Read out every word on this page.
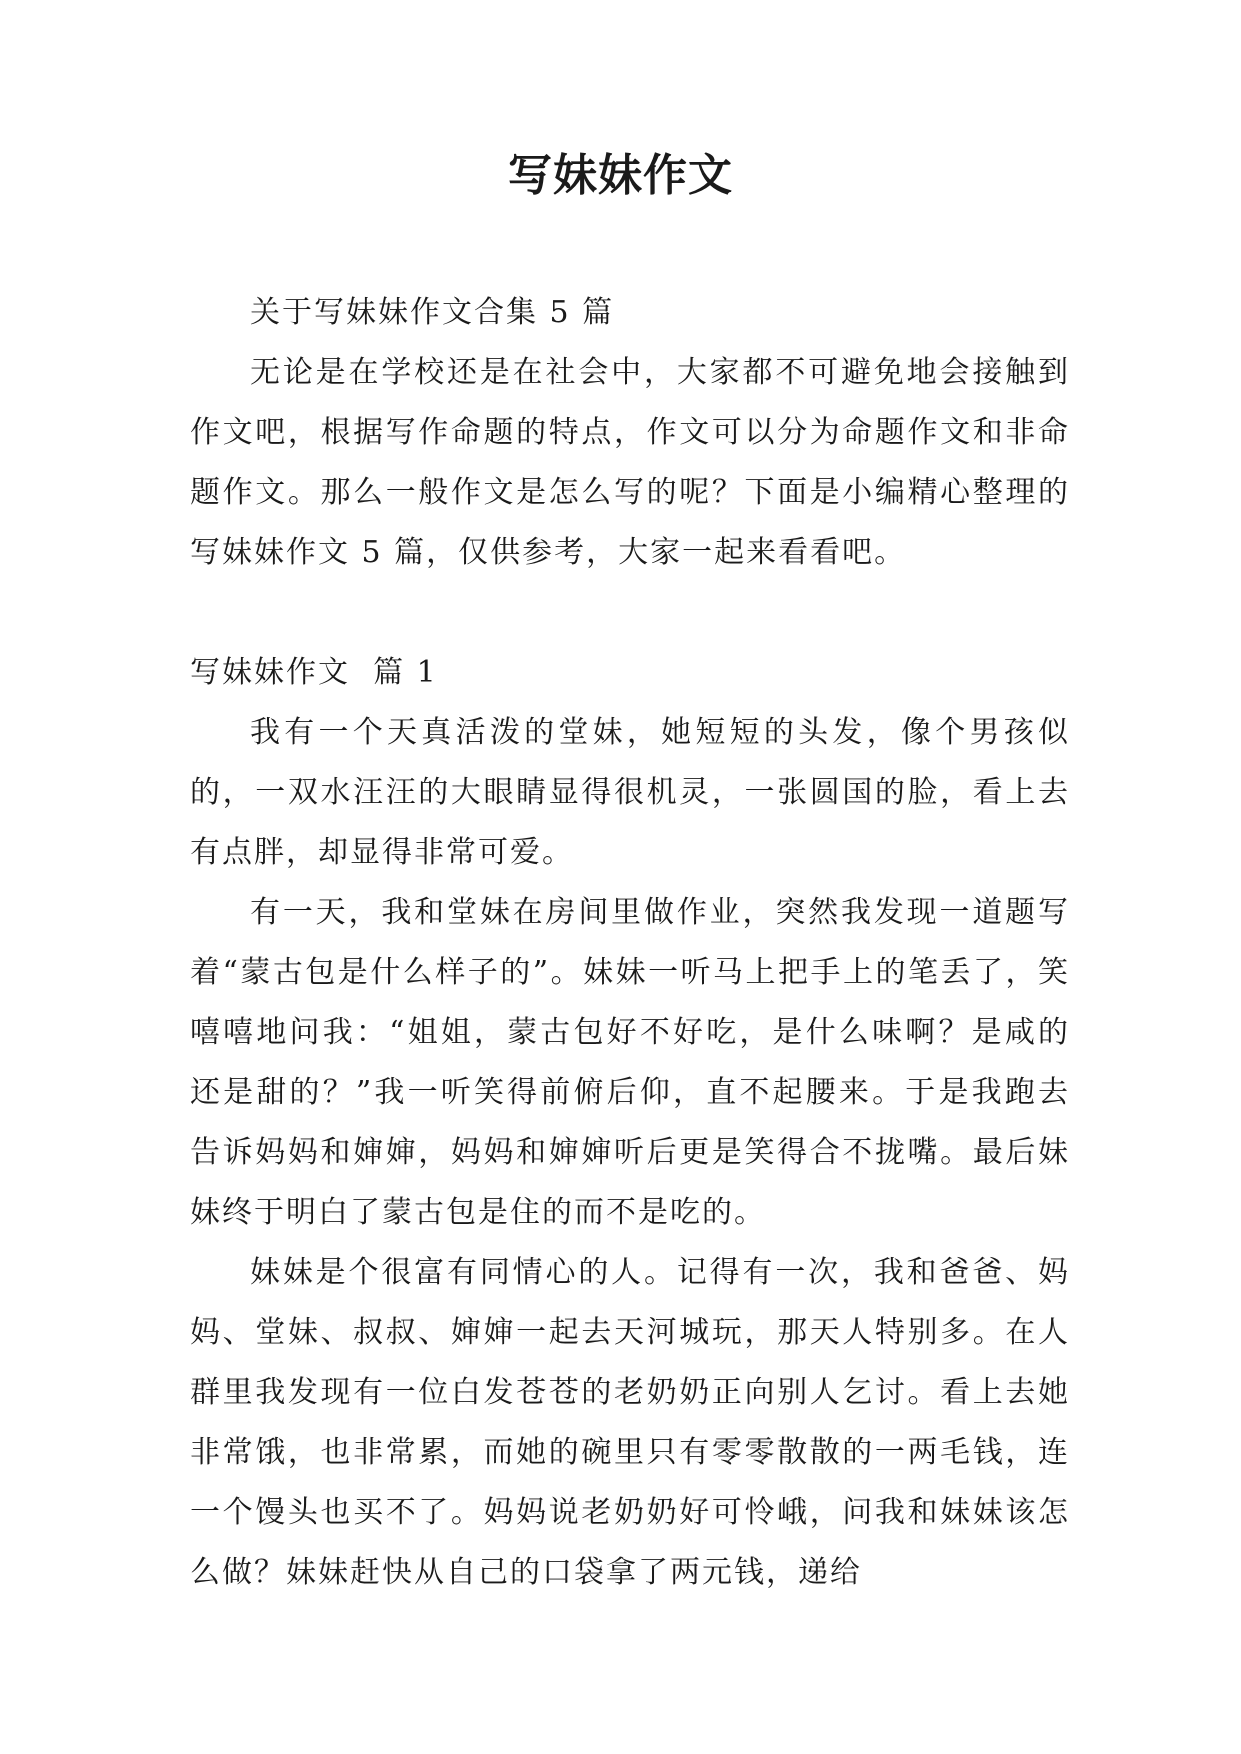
写妹妹作文

关于写妹妹作文合集 5 篇

无论是在学校还是在社会中，大家都不可避免地会接触到作文吧，根据写作命题的特点，作文可以分为命题作文和非命题作文。那么一般作文是怎么写的呢？下面是小编精心整理的写妹妹作文 5 篇，仅供参考，大家一起来看看吧。

写妹妹作文  篇 1

我有一个天真活泼的堂妹，她短短的头发，像个男孩似的，一双水汪汪的大眼睛显得很机灵，一张圆国的脸，看上去有点胖，却显得非常可爱。

有一天，我和堂妹在房间里做作业，突然我发现一道题写着“蒙古包是什么样子的”。妹妹一听马上把手上的笔丢了，笑嘻嘻地问我：“姐姐，蒙古包好不好吃，是什么味啊？是咸的还是甜的？”我一听笑得前俯后仰，直不起腰来。于是我跑去告诉妈妈和婶婶，妈妈和婶婶听后更是笑得合不拢嘴。最后妹妹终于明白了蒙古包是住的而不是吃的。

妹妹是个很富有同情心的人。记得有一次，我和爸爸、妈妈、堂妹、叔叔、婶婶一起去天河城玩，那天人特别多。在人群里我发现有一位白发苍苍的老奶奶正向别人乞讨。看上去她非常饿，也非常累，而她的碗里只有零零散散的一两毛钱，连一个馒头也买不了。妈妈说老奶奶好可怜峨，问我和妹妹该怎么做？妹妹赶快从自己的口袋拿了两元钱，递给
